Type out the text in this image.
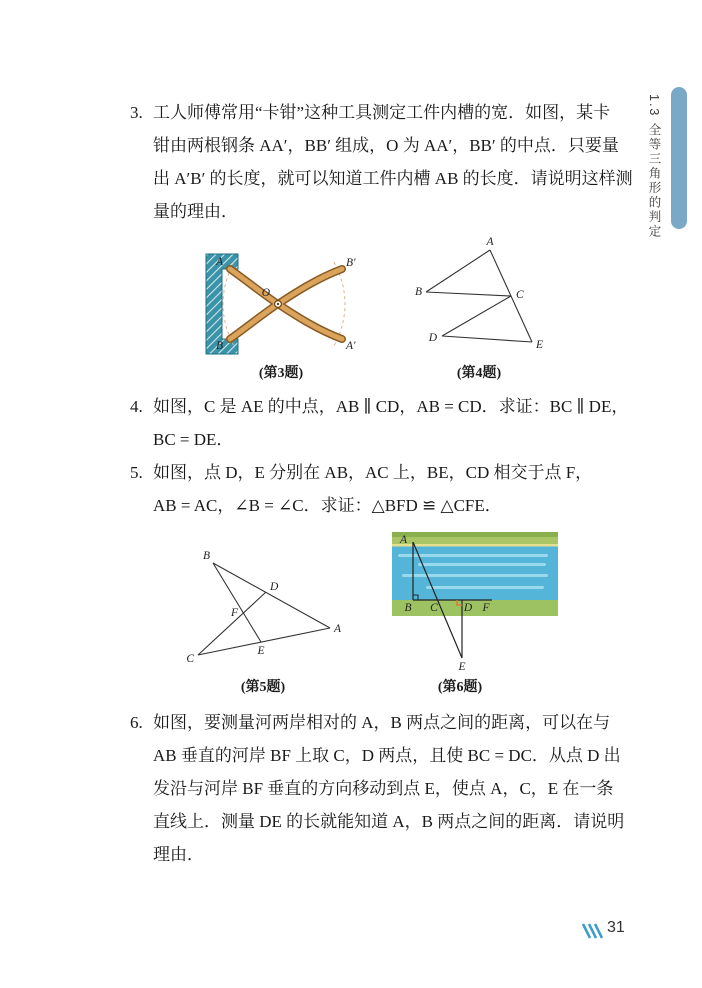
1.3 全等三角形的判定
3. 工人师傅常用“卡钳”这种工具测定工件内槽的宽．如图，某卡
钳由两根钢条 AA′，BB′ 组成，O 为 AA′，BB′ 的中点．只要量
出 A′B′ 的长度，就可以知道工件内槽 AB 的长度．请说明这样测
量的理由．
A
B
O
B′
A′
(第3题)
A
B	C
D
E
(第4题)
4. 如图，C 是 AE 的中点，AB ∥ CD，AB = CD．求证：BC ∥ DE，
BC = DE．
5. 如图，点 D，E 分别在 AB，AC 上，BE，CD 相交于点 F，
AB = AC，∠B = ∠C．求证：△BFD ≌ △CFE．
B
D
F
A
C
E
(第5题)
A
B C D F
E
(第6题)
6. 如图，要测量河两岸相对的 A，B 两点之间的距离，可以在与
AB 垂直的河岸 BF 上取 C，D 两点，且使 BC = DC．从点 D 出
发沿与河岸 BF 垂直的方向移动到点 E，使点 A，C，E 在一条
直线上．测量 DE 的长就能知道 A，B 两点之间的距离．请说明
理由．
31
